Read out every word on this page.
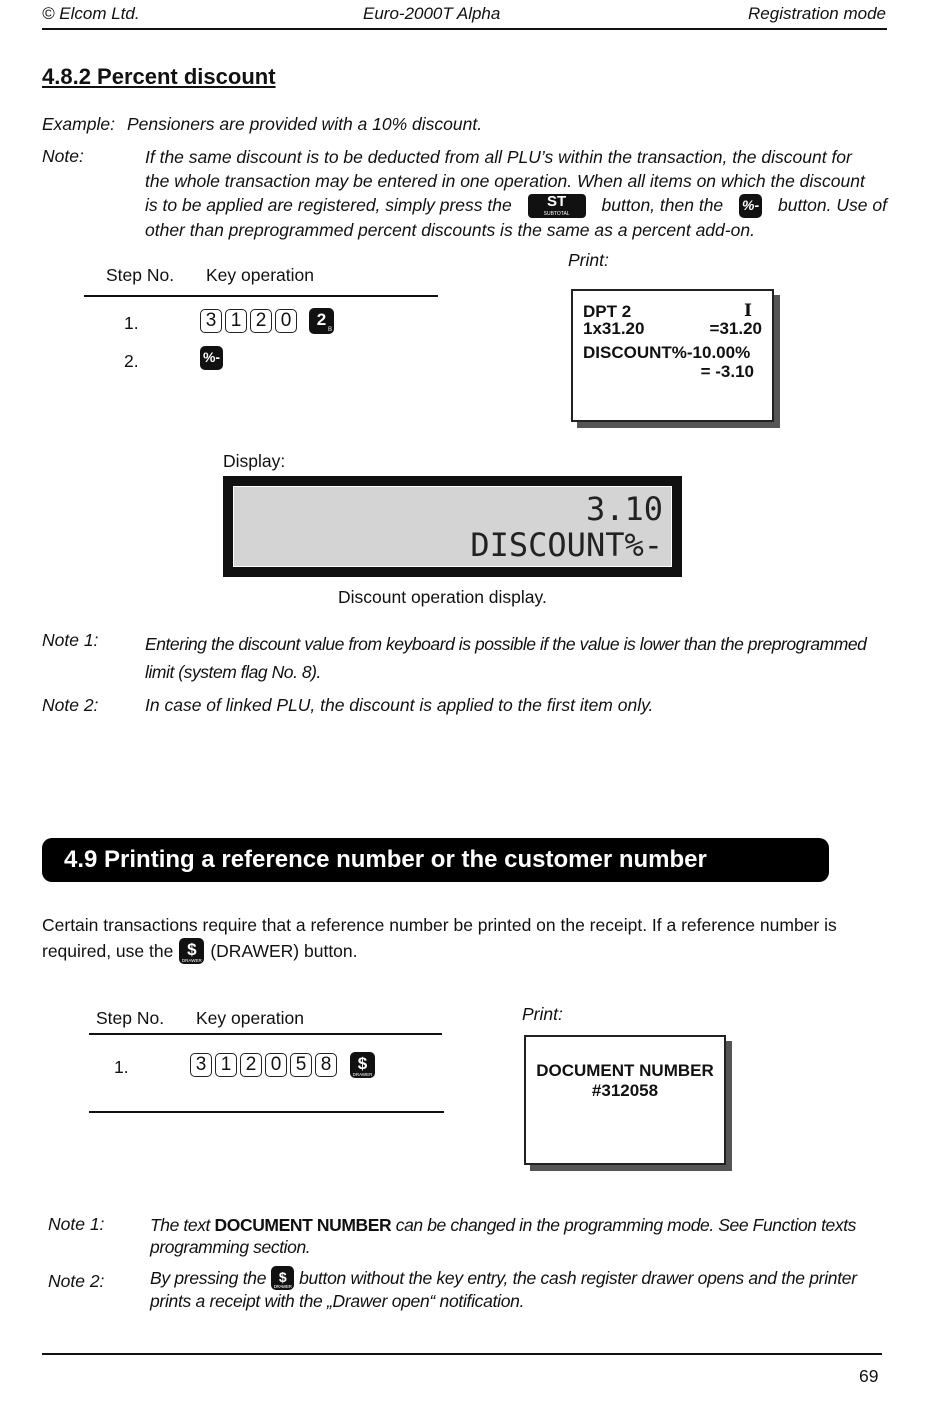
© Elcom Ltd.	Euro-2000T Alpha	Registration mode
4.8.2 Percent discount
Example: Pensioners are provided with a 10% discount.
Note:	If the same discount is to be deducted from all PLU’s within the transaction, the discount for
the whole transaction may be entered in one operation. When all items on which the discount
is to be applied are registered, simply press the	ST
SUBTOTAL	button, then the %- button. Use of
other than preprogrammed percent discounts is the same as a percent add-on.
Step No. Key operation
1.	3 1 2 0	2
B
2.	%-
Print:
DPT 2	I
1x31.20	=31.20
DISCOUNT%-10.00%
= -3.10
Display:
3.10
DISCOUNT%-
Discount operation display.
Note 1:	Entering the discount value from keyboard is possible if the value is lower than the preprogrammed
limit (system flag No. 8).
Note 2:	In case of linked PLU, the discount is applied to the first item only.
4.9 Printing a reference number or the customer number
Certain transactions require that a reference number be printed on the receipt. If a reference number is
required, use the $
DRAWER (DRAWER) button.
Step No. Key operation
1.	3 1 2 0 5 8	$
DRAWER
Print:
DOCUMENT NUMBER
#312058
Note 1:	The text DOCUMENT NUMBER can be changed in the programming mode. See Function texts
programming section.
Note 2:	By pressing the $
DRAWER button without the key entry, the cash register drawer opens and the printer
prints a receipt with the „Drawer open“ notification.
69
